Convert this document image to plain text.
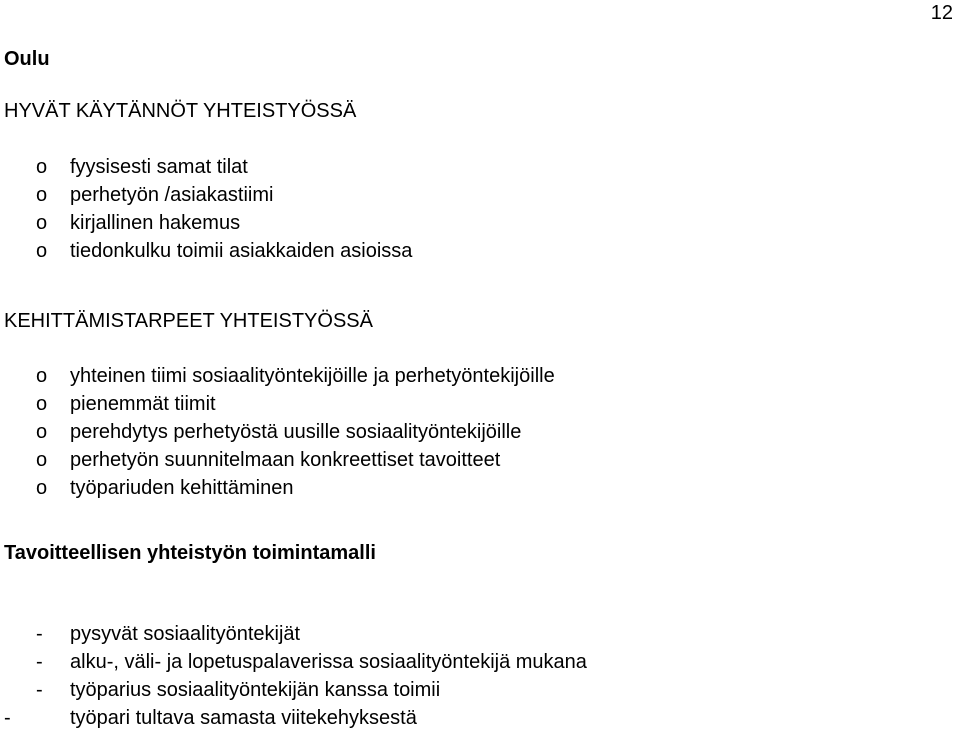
12
Oulu
HYVÄT KÄYTÄNNÖT YHTEISTYÖSSÄ
o fyysisesti samat tilat
o perhetyön /asiakastiimi
o kirjallinen hakemus
o tiedonkulku toimii asiakkaiden asioissa
KEHITTÄMISTARPEET YHTEISTYÖSSÄ
o yhteinen tiimi sosiaalityöntekijöille ja perhetyöntekijöille
o pienemmät tiimit
o perehdytys perhetyöstä uusille sosiaalityöntekijöille
o perhetyön suunnitelmaan konkreettiset tavoitteet
o työpariuden kehittäminen
Tavoitteellisen yhteistyön toimintamalli
- pysyvät sosiaalityöntekijät
- alku-, väli- ja lopetuspalaverissa sosiaalityöntekijä mukana
- työparius sosiaalityöntekijän kanssa toimii
-	työpari tultava samasta viitekehyksestä
